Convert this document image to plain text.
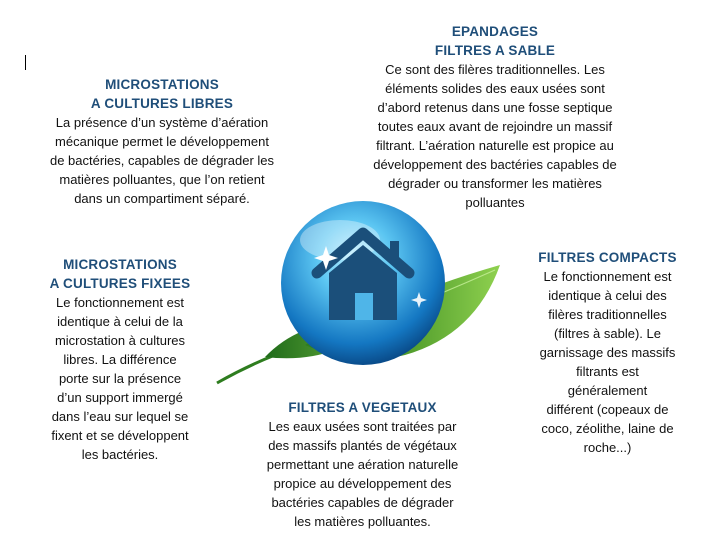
EPANDAGES
FILTRES A SABLE

Ce sont des filères traditionnelles. Les
éléments solides des eaux usées sont
d’abord retenus dans une fosse septique
toutes eaux avant de rejoindre un massif
filtrant. L’aération naturelle est propice au
développement des bactéries capables de
dégrader ou transformer les matières
polluantes

MICROSTATIONS
A CULTURES LIBRES

La présence d’un système d’aération
mécanique permet le développement
de bactéries, capables de dégrader les
matières polluantes, que l’on retient
dans un compartiment séparé.

MICROSTATIONS
A CULTURES FIXEES

Le fonctionnement est
identique à celui de la
microstation à cultures
libres. La différence
porte sur la présence
d’un support immergé
dans l’eau sur lequel se
fixent et se développent
les bactéries.

FILTRES COMPACTS

Le fonctionnement est
identique à celui des
filères traditionnelles
(filtres à sable). Le
garnissage des massifs
filtrants est
généralement
différent (copeaux de
coco, zéolithe, laine de
roche...)

FILTRES A VEGETAUX

Les eaux usées sont traitées par
des massifs plantés de végétaux
permettant une aération naturelle
propice au développement des
bactéries capables de dégrader
les matières polluantes.
